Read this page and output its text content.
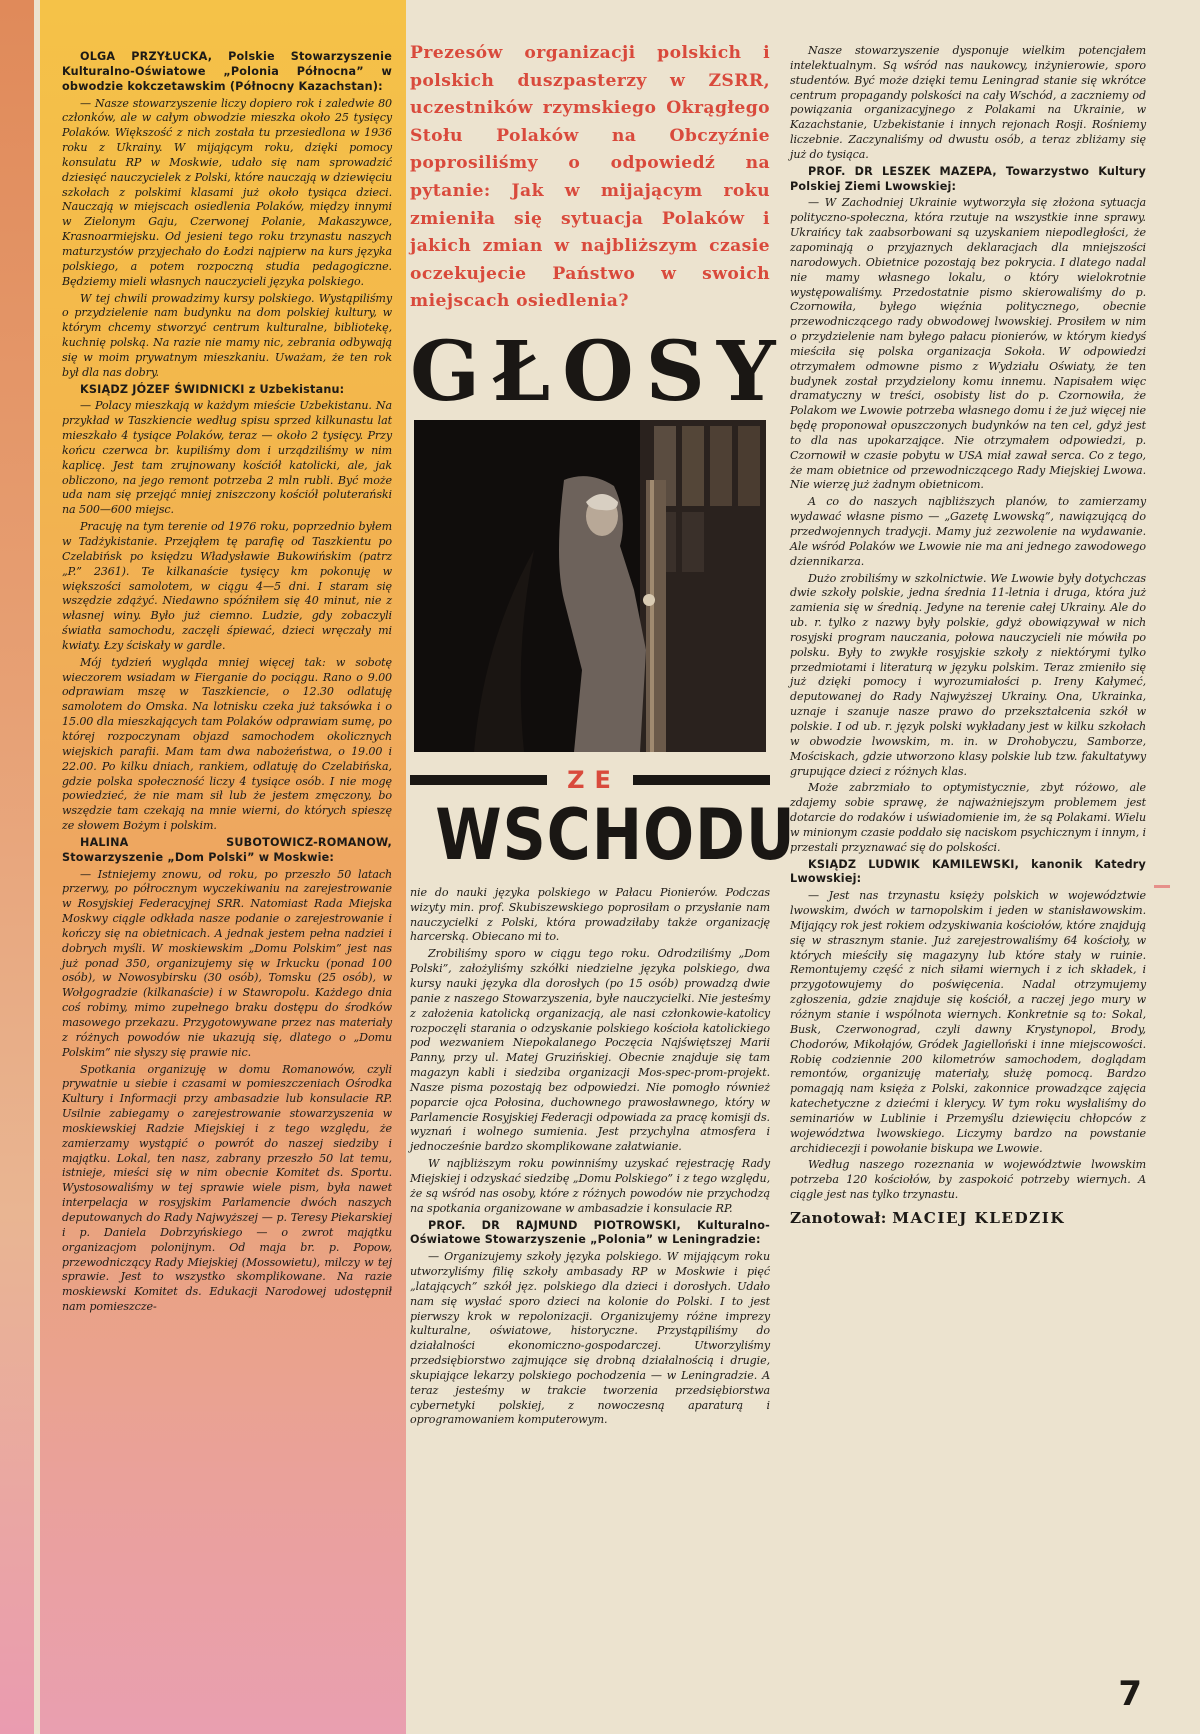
OLGA PRZYŁUCKA, Polskie Stowarzyszenie Kulturalno-Oświatowe „Polonia Północna” w obwodzie kokczetawskim (Północny Kazachstan):

— Nasze stowarzyszenie liczy dopiero rok i zaledwie 80 członków, ale w całym obwodzie mieszka około 25 tysięcy Polaków. Większość z nich została tu przesiedlona w 1936 roku z Ukrainy. W mijającym roku, dzięki pomocy konsulatu RP w Moskwie, udało się nam sprowadzić dziesięć nauczycielek z Polski, które nauczają w dziewięciu szkołach z polskimi klasami już około tysiąca dzieci. Nauczają w miejscach osiedlenia Polaków, między innymi w Zielonym Gaju, Czerwonej Polanie, Makaszywce, Krasnoarmiejsku. Od jesieni tego roku trzynastu naszych maturzystów przyjechało do Łodzi najpierw na kurs języka polskiego, a potem rozpoczną studia pedagogiczne. Będziemy mieli własnych nauczycieli języka polskiego.

W tej chwili prowadzimy kursy polskiego. Wystąpiliśmy o przydzielenie nam budynku na dom polskiej kultury, w którym chcemy stworzyć centrum kulturalne, bibliotekę, kuchnię polską. Na razie nie mamy nic, zebrania odbywają się w moim prywatnym mieszkaniu. Uważam, że ten rok był dla nas dobry.

KSIĄDZ JÓZEF ŚWIDNICKI z Uzbekistanu:

— Polacy mieszkają w każdym mieście Uzbekistanu. Na przykład w Taszkiencie według spisu sprzed kilkunastu lat mieszkało 4 tysiące Polaków, teraz — około 2 tysięcy. Przy końcu czerwca br. kupiliśmy dom i urządziliśmy w nim kaplicę. Jest tam zrujnowany kościół katolicki, ale, jak obliczono, na jego remont potrzeba 2 mln rubli. Być może uda nam się przejąć mniej zniszczony kościół poluterański na 500—600 miejsc.

Pracuję na tym terenie od 1976 roku, poprzednio byłem w Tadżykistanie. Przejąłem tę parafię od Taszkientu po Czelabińsk po księdzu Władysławie Bukowińskim (patrz „P.” 2361). Te kilkanaście tysięcy km pokonuję w większości samolotem, w ciągu 4—5 dni. I staram się wszędzie zdążyć. Niedawno spóźniłem się 40 minut, nie z własnej winy. Było już ciemno. Ludzie, gdy zobaczyli światła samochodu, zaczęli śpiewać, dzieci wręczały mi kwiaty. Łzy ściskały w gardle.

Mój tydzień wygląda mniej więcej tak: w sobotę wieczorem wsiadam w Fierganie do pociągu. Rano o 9.00 odprawiam mszę w Taszkiencie, o 12.30 odlatuję samolotem do Omska. Na lotnisku czeka już taksówka i o 15.00 dla mieszkających tam Polaków odprawiam sumę, po której rozpoczynam objazd samochodem okolicznych wiejskich parafii. Mam tam dwa nabożeństwa, o 19.00 i 22.00. Po kilku dniach, rankiem, odlatuję do Czelabińska, gdzie polska społeczność liczy 4 tysiące osób. I nie mogę powiedzieć, że nie mam sił lub że jestem zmęczony, bo wszędzie tam czekają na mnie wierni, do których spieszę ze słowem Bożym i polskim.

HALINA SUBOTOWICZ-ROMANOW, Stowarzyszenie „Dom Polski” w Moskwie:

— Istniejemy znowu, od roku, po przeszło 50 latach przerwy, po półrocznym wyczekiwaniu na zarejestrowanie w Rosyjskiej Federacyjnej SRR. Natomiast Rada Miejska Moskwy ciągle odkłada nasze podanie o zarejestrowanie i kończy się na obietnicach. A jednak jestem pełna nadziei i dobrych myśli. W moskiewskim „Domu Polskim” jest nas już ponad 350, organizujemy się w Irkucku (ponad 100 osób), w Nowosybirsku (30 osób), Tomsku (25 osób), w Wołgogradzie (kilkanaście) i w Stawropolu. Każdego dnia coś robimy, mimo zupełnego braku dostępu do środków masowego przekazu. Przygotowywane przez nas materiały z różnych powodów nie ukazują się, dlatego o „Domu Polskim” nie słyszy się prawie nic.

Spotkania organizuję w domu Romanowów, czyli prywatnie u siebie i czasami w pomieszczeniach Ośrodka Kultury i Informacji przy ambasadzie lub konsulacie RP. Usilnie zabiegamy o zarejestrowanie stowarzyszenia w moskiewskiej Radzie Miejskiej i z tego względu, że zamierzamy wystąpić o powrót do naszej siedziby i majątku. Lokal, ten nasz, zabrany przeszło 50 lat temu, istnieje, mieści się w nim obecnie Komitet ds. Sportu. Wystosowaliśmy w tej sprawie wiele pism, była nawet interpelacja w rosyjskim Parlamencie dwóch naszych deputowanych do Rady Najwyższej — p. Teresy Piekarskiej i p. Daniela Dobrzyńskiego — o zwrot majątku organizacjom polonijnym. Od maja br. p. Popow, przewodniczący Rady Miejskiej (Mossowietu), milczy w tej sprawie. Jest to wszystko skomplikowane. Na razie moskiewski Komitet ds. Edukacji Narodowej udostępnił nam pomieszcze-

Prezesów organizacji polskich i polskich duszpasterzy w ZSRR, uczestników rzymskiego Okrągłego Stołu Polaków na Obczyźnie poprosiliśmy o odpowiedź na pytanie: Jak w mijającym roku zmieniła się sytuacja Polaków i jakich zmian w najbliższym czasie oczekujecie Państwo w swoich miejscach osiedlenia?
GŁOSY
ZE
WSCHODU

nie do nauki języka polskiego w Pałacu Pionierów. Podczas wizyty min. prof. Skubiszewskiego poprosiłam o przysłanie nam nauczycielki z Polski, która prowadziłaby także organizację harcerską. Obiecano mi to.

Zrobiliśmy sporo w ciągu tego roku. Odrodziliśmy „Dom Polski”, założyliśmy szkółki niedzielne języka polskiego, dwa kursy nauki języka dla dorosłych (po 15 osób) prowadzą dwie panie z naszego Stowarzyszenia, byłe nauczycielki. Nie jesteśmy z założenia katolicką organizacją, ale nasi członkowie-katolicy rozpoczęli starania o odzyskanie polskiego kościoła katolickiego pod wezwaniem Niepokalanego Poczęcia Najświętszej Marii Panny, przy ul. Matej Gruzińskiej. Obecnie znajduje się tam magazyn kabli i siedziba organizacji Mos-spec-prom-projekt. Nasze pisma pozostają bez odpowiedzi. Nie pomogło również poparcie ojca Połosina, duchownego prawosławnego, który w Parlamencie Rosyjskiej Federacji odpowiada za pracę komisji ds. wyznań i wolnego sumienia. Jest przychylna atmosfera i jednocześnie bardzo skomplikowane załatwianie.

W najbliższym roku powinniśmy uzyskać rejestrację Rady Miejskiej i odzyskać siedzibę „Domu Polskiego” i z tego względu, że są wśród nas osoby, które z różnych powodów nie przychodzą na spotkania organizowane w ambasadzie i konsulacie RP.

PROF. DR RAJMUND PIOTROWSKI, Kulturalno-Oświatowe Stowarzyszenie „Polonia” w Leningradzie:

— Organizujemy szkoły języka polskiego. W mijającym roku utworzyliśmy filię szkoły ambasady RP w Moskwie i pięć „latających” szkół jęz. polskiego dla dzieci i dorosłych. Udało nam się wysłać sporo dzieci na kolonie do Polski. I to jest pierwszy krok w repolonizacji. Organizujemy różne imprezy kulturalne, oświatowe, historyczne. Przystąpiliśmy do działalności ekonomiczno-gospodarczej. Utworzyliśmy przedsiębiorstwo zajmujące się drobną działalnością i drugie, skupiające lekarzy polskiego pochodzenia — w Leningradzie. A teraz jesteśmy w trakcie tworzenia przedsiębiorstwa cybernetyki polskiej, z nowoczesną aparaturą i oprogramowaniem komputerowym.

Nasze stowarzyszenie dysponuje wielkim potencjałem intelektualnym. Są wśród nas naukowcy, inżynierowie, sporo studentów. Być może dzięki temu Leningrad stanie się wkrótce centrum propagandy polskości na cały Wschód, a zaczniemy od powiązania organizacyjnego z Polakami na Ukrainie, w Kazachstanie, Uzbekistanie i innych rejonach Rosji. Rośniemy liczebnie. Zaczynaliśmy od dwustu osób, a teraz zbliżamy się już do tysiąca.

PROF. DR LESZEK MAZEPA, Towarzystwo Kultury Polskiej Ziemi Lwowskiej:

— W Zachodniej Ukrainie wytworzyła się złożona sytuacja polityczno-społeczna, która rzutuje na wszystkie inne sprawy. Ukraińcy tak zaabsorbowani są uzyskaniem niepodległości, że zapominają o przyjaznych deklaracjach dla mniejszości narodowych. Obietnice pozostają bez pokrycia. I dlatego nadal nie mamy własnego lokalu, o który wielokrotnie występowaliśmy. Przedostatnie pismo skierowaliśmy do p. Czornowiła, byłego więźnia politycznego, obecnie przewodniczącego rady obwodowej lwowskiej. Prosiłem w nim o przydzielenie nam byłego pałacu pionierów, w którym kiedyś mieściła się polska organizacja Sokoła. W odpowiedzi otrzymałem odmowne pismo z Wydziału Oświaty, że ten budynek został przydzielony komu innemu. Napisałem więc dramatyczny w treści, osobisty list do p. Czornowiła, że Polakom we Lwowie potrzeba własnego domu i że już więcej nie będę proponował opuszczonych budynków na ten cel, gdyż jest to dla nas upokarzające. Nie otrzymałem odpowiedzi, p. Czornowił w czasie pobytu w USA miał zawał serca. Co z tego, że mam obietnice od przewodniczącego Rady Miejskiej Lwowa. Nie wierzę już żadnym obietnicom.

A co do naszych najbliższych planów, to zamierzamy wydawać własne pismo — „Gazetę Lwowską”, nawiązującą do przedwojennych tradycji. Mamy już zezwolenie na wydawanie. Ale wśród Polaków we Lwowie nie ma ani jednego zawodowego dziennikarza.

Dużo zrobiliśmy w szkolnictwie. We Lwowie były dotychczas dwie szkoły polskie, jedna średnia 11-letnia i druga, która już zamienia się w średnią. Jedyne na terenie całej Ukrainy. Ale do ub. r. tylko z nazwy były polskie, gdyż obowiązywał w nich rosyjski program nauczania, połowa nauczycieli nie mówiła po polsku. Były to zwykłe rosyjskie szkoły z niektórymi tylko przedmiotami i literaturą w języku polskim. Teraz zmieniło się już dzięki pomocy i wyrozumiałości p. Ireny Kałymeć, deputowanej do Rady Najwyższej Ukrainy. Ona, Ukrainka, uznaje i szanuje nasze prawo do przekształcenia szkół w polskie. I od ub. r. język polski wykładany jest w kilku szkołach w obwodzie lwowskim, m. in. w Drohobyczu, Samborze, Mościskach, gdzie utworzono klasy polskie lub tzw. fakultatywy grupujące dzieci z różnych klas.

Może zabrzmiało to optymistycznie, zbyt różowo, ale zdajemy sobie sprawę, że najważniejszym problemem jest dotarcie do rodaków i uświadomienie im, że są Polakami. Wielu w minionym czasie poddało się naciskom psychicznym i innym, i przestali przyznawać się do polskości.

KSIĄDZ LUDWIK KAMILEWSKI, kanonik Katedry Lwowskiej:

— Jest nas trzynastu księży polskich w województwie lwowskim, dwóch w tarnopolskim i jeden w stanisławowskim. Mijający rok jest rokiem odzyskiwania kościołów, które znajdują się w strasznym stanie. Już zarejestrowaliśmy 64 kościoły, w których mieściły się magazyny lub które stały w ruinie. Remontujemy część z nich siłami wiernych i z ich składek, i przygotowujemy do poświęcenia. Nadal otrzymujemy zgłoszenia, gdzie znajduje się kościół, a raczej jego mury w różnym stanie i wspólnota wiernych. Konkretnie są to: Sokal, Busk, Czerwonograd, czyli dawny Krystynopol, Brody, Chodorów, Mikołajów, Gródek Jagielloński i inne miejscowości. Robię codziennie 200 kilometrów samochodem, doglądam remontów, organizuję materiały, służę pomocą. Bardzo pomagają nam księża z Polski, zakonnice prowadzące zajęcia katechetyczne z dziećmi i klerycy. W tym roku wysłaliśmy do seminariów w Lublinie i Przemyślu dziewięciu chłopców z województwa lwowskiego. Liczymy bardzo na powstanie archidiecezji i powołanie biskupa we Lwowie.

Według naszego rozeznania w województwie lwowskim potrzeba 120 kościołów, by zaspokoić potrzeby wiernych. A ciągle jest nas tylko trzynastu.

Zanotował: MACIEJ KLEDZIK
7
